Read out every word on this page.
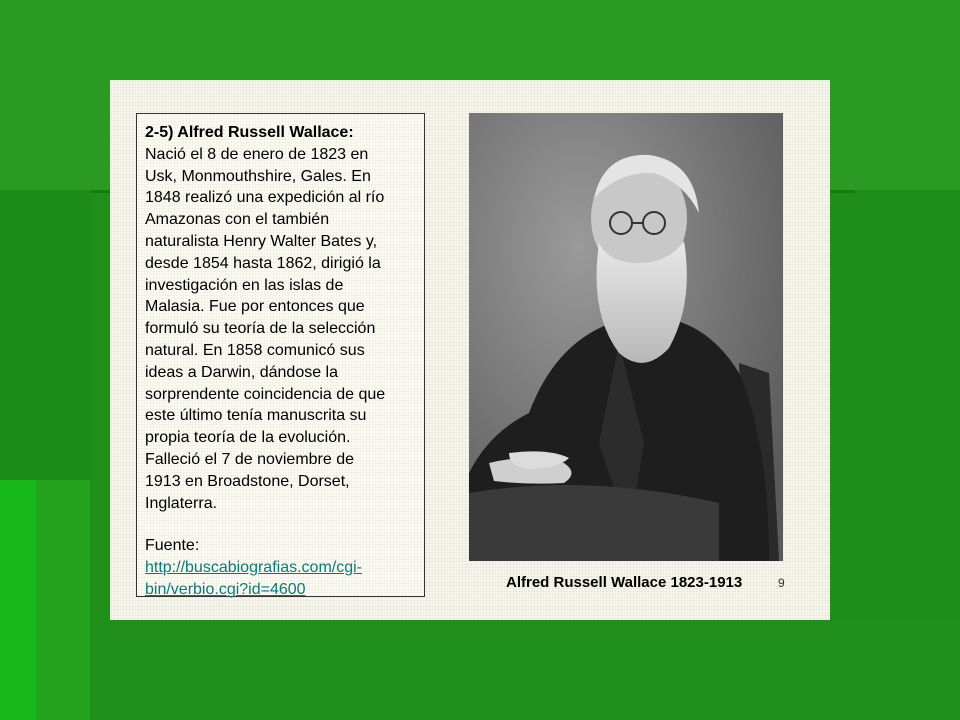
2-5) Alfred Russell Wallace:
Nació el 8 de enero de 1823 en
Usk, Monmouthshire, Gales. En
1848 realizó una expedición al río
Amazonas con el también
naturalista Henry Walter Bates y,
desde 1854 hasta 1862, dirigió la
investigación en las islas de
Malasia. Fue por entonces que
formuló su teoría de la selección
natural. En 1858 comunicó sus
ideas a Darwin, dándose la
sorprendente coincidencia de que
este último tenía manuscrita su
propia teoría de la evolución.
Falleció el 7 de noviembre de
1913 en Broadstone, Dorset,
Inglaterra.
Fuente:
http://buscabiografias.com/cgi-
bin/verbio.cgi?id=4600	Alfred Russell Wallace 1823-1913	9
